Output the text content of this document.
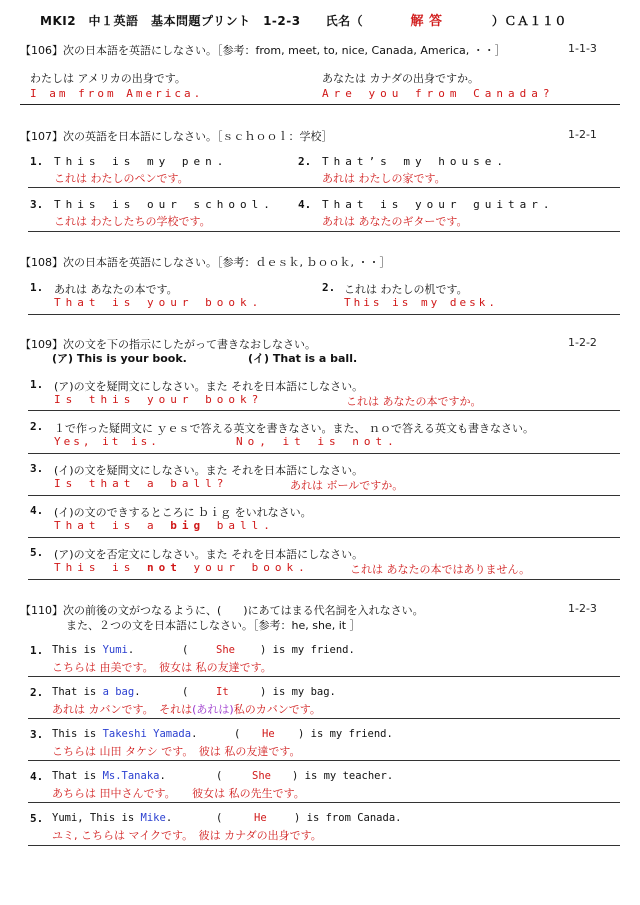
MKI2　中１英語　基本問題プリント　1-2-3　　氏名（	解 答	）ＣＡ１１０
【106】次の日本語を英語にしなさい。［参考：from, meet, to, nice, Canada, America, ・・］	1-1-3
わたしは アメリカの出身です。
I am from America.
あなたは カナダの出身ですか。
Are you from Canada?
【107】次の英語を日本語にしなさい。［ｓｃｈｏｏｌ：学校］	1-2-1
1. This is my pen.
これは わたしのペンです。
2. That’s my house.
あれは わたしの家です。
3. This is our school.
これは わたしたちの学校です。
4. That is your guitar.
あれは あなたのギターです。
【108】次の日本語を英語にしなさい。［参考：ｄｅｓｋ, ｂｏｏｋ, ・・］
1. あれは あなたの本です。
That is your book.
2. これは わたしの机です。
This is my desk.
【109】次の文を下の指示にしたがって書きなおしなさい。	1-2-2
(ア) This is your book.	(イ) That is a ball.
1. (ア)の文を疑問文にしなさい。また それを日本語にしなさい。
Is this your book?	これは あなたの本ですか。
2. １で作った疑問文に ｙｅｓで答える英文を書きなさい。また、 ｎｏで答える英文も書きなさい。
Yes, it is.	No, it is not.
3. (イ)の文を疑問文にしなさい。また それを日本語にしなさい。
Is that a ball?	あれは ボールですか。
4. (イ)の文のできするところに ｂｉｇ をいれなさい。
That is a big ball.
5. (ア)の文を否定文にしなさい。また それを日本語にしなさい。
This is not your book.	これは あなたの本ではありません。
【110】次の前後の文がつなるように、(　　)にあてはまる代名詞を入れなさい。
また、２つの文を日本語にしなさい。［参考：he, she, it ］
1-2-3
1. This is Yumi.	(	She ) is my friend.
こちらは 由美です。　彼女は 私の友達です。
2. That is a bag.	(	It	) is my bag.
あれは カバンです。　それは(あれは)私のカバンです。
3. This is Takeshi Yamada.	( He ) is my friend.
こちらは 山田 タケシ です。　彼は 私の友達です。
4. That is Ms.Tanaka.	(	She ) is my teacher.
あちらは 田中さんです。　　彼女は 私の先生です。
5. Yumi, This is Mike.	(	He	) is from Canada.
ユミ, こちらは マイクです。　彼は カナダの出身です。
